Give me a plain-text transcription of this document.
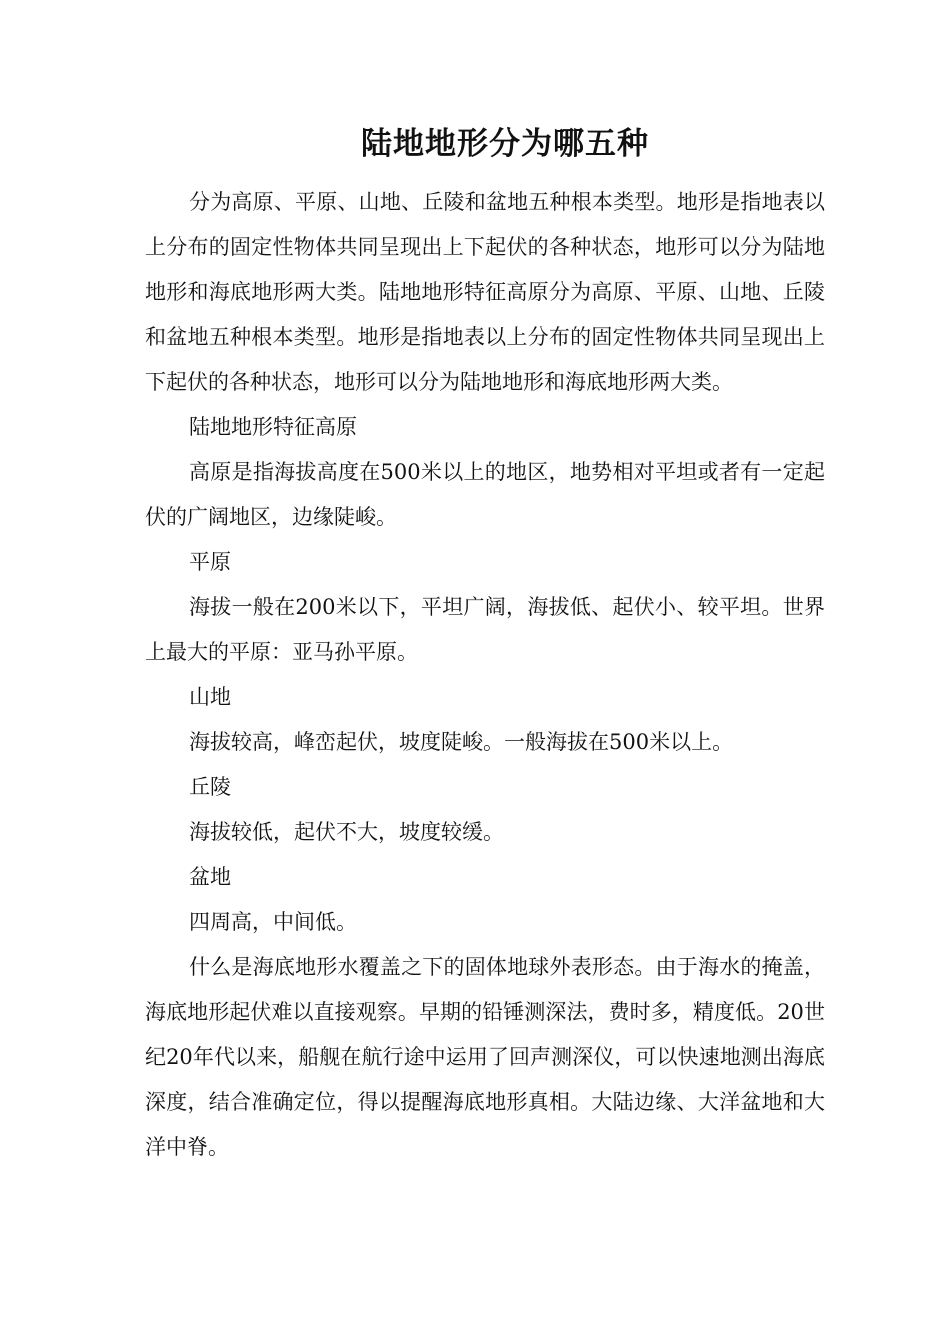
陆地地形分为哪五种

分为高原、平原、山地、丘陵和盆地五种根本类型。地形是指地表以上分布的固定性物体共同呈现出上下起伏的各种状态，地形可以分为陆地地形和海底地形两大类。陆地地形特征高原分为高原、平原、山地、丘陵和盆地五种根本类型。地形是指地表以上分布的固定性物体共同呈现出上下起伏的各种状态，地形可以分为陆地地形和海底地形两大类。

陆地地形特征高原

高原是指海拔高度在500米以上的地区，地势相对平坦或者有一定起伏的广阔地区，边缘陡峻。

平原

海拔一般在200米以下，平坦广阔，海拔低、起伏小、较平坦。世界上最大的平原：亚马孙平原。

山地

海拔较高，峰峦起伏，坡度陡峻。一般海拔在500米以上。

丘陵

海拔较低，起伏不大，坡度较缓。

盆地

四周高，中间低。

什么是海底地形水覆盖之下的固体地球外表形态。由于海水的掩盖，海底地形起伏难以直接观察。早期的铅锤测深法，费时多，精度低。20世纪20年代以来，船舰在航行途中运用了回声测深仪，可以快速地测出海底深度，结合准确定位，得以提醒海底地形真相。大陆边缘、大洋盆地和大洋中脊。
